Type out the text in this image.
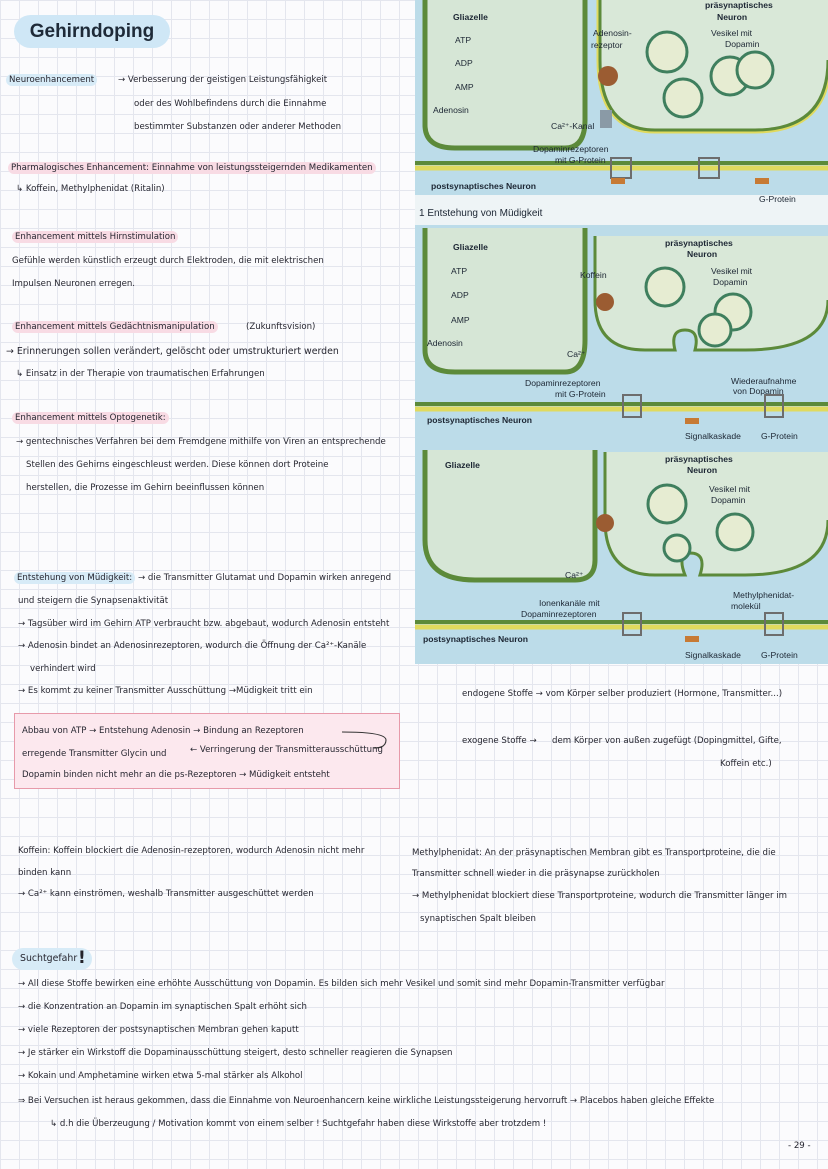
Gehirndoping
Neuroenhancement	→ Verbesserung der geistigen Leistungsfähigkeit
oder des Wohlbefindens durch die Einnahme
bestimmter Substanzen oder anderer Methoden
Pharmalogisches Enhancement: Einnahme von leistungssteigernden Medikamenten
↳ Koffein, Methylphenidat (Ritalin)
Enhancement mittels Hirnstimulation
Gefühle werden künstlich erzeugt durch Elektroden, die mit elektrischen
Impulsen Neuronen erregen.
Enhancement mittels Gedächtnismanipulation	(Zukunftsvision)
→ Erinnerungen sollen verändert, gelöscht oder umstrukturiert werden
↳ Einsatz in der Therapie von traumatischen Erfahrungen
Enhancement mittels Optogenetik:
→ gentechnisches Verfahren bei dem Fremdgene mithilfe von Viren an entsprechende
Stellen des Gehirns eingeschleust werden. Diese können dort Proteine
herstellen, die Prozesse im Gehirn beeinflussen können
Entstehung von Müdigkeit: → die Transmitter Glutamat und Dopamin wirken anregend
und steigern die Synapsenaktivität
→ Tagsüber wird im Gehirn ATP verbraucht bzw. abgebaut, wodurch Adenosin entsteht
→ Adenosin bindet an Adenosinrezeptoren, wodurch die Öffnung der Ca²⁺-Kanäle
verhindert wird
→ Es kommt zu keiner Transmitter Ausschüttung →Müdigkeit tritt ein
Abbau von ATP → Entstehung Adenosin → Bindung an Rezeptoren
erregende Transmitter Glycin und	← Verringerung der Transmitterausschüttung
Dopamin binden nicht mehr an die ps-Rezeptoren → Müdigkeit entsteht
endogene Stoffe → vom Körper selber produziert (Hormone, Transmitter...)
exogene Stoffe → dem Körper von außen zugefügt (Dopingmittel, Gifte,
Koffein etc.)
Koffein: Koffein blockiert die Adenosin-rezeptoren, wodurch Adenosin nicht mehr
binden kann
→ Ca²⁺ kann einströmen, weshalb Transmitter ausgeschüttet werden
Methylphenidat: An der präsynaptischen Membran gibt es Transportproteine, die die
Transmitter schnell wieder in die präsynapse zurückholen
→ Methylphenidat blockiert diese Transportproteine, wodurch die Transmitter länger im
synaptischen Spalt bleiben
Suchtgefahr !
→ All diese Stoffe bewirken eine erhöhte Ausschüttung von Dopamin. Es bilden sich mehr Vesikel und somit sind mehr Dopamin-Transmitter verfügbar
→ die Konzentration an Dopamin im synaptischen Spalt erhöht sich
→ viele Rezeptoren der postsynaptischen Membran gehen kaputt
→ Je stärker ein Wirkstoff die Dopaminausschüttung steigert, desto schneller reagieren die Synapsen
→ Kokain und Amphetamine wirken etwa 5-mal stärker als Alkohol
⇒ Bei Versuchen ist heraus gekommen, dass die Einnahme von Neuroenhancern keine wirkliche Leistungssteigerung hervorruft → Placebos haben gleiche Effekte
↳ d.h die Überzeugung / Motivation kommt von einem selber ! Suchtgefahr haben diese Wirkstoffe aber trotzdem !
- 29 -
Gliazelle
ATP
ADP
AMP
Adenosin
präsynaptisches
Neuron
Adenosin-
rezeptor
Vesikel mit
Dopamin
Ca²⁺-Kanal
Dopaminrezeptoren
mit G-Protein
postsynaptisches Neuron
G-Protein
1 Entstehung von Müdigkeit
Gliazelle
ATP
ADP
AMP
Adenosin
präsynaptisches
Neuron
Koffein	Vesikel mit
Dopamin
Ca²⁺
Dopaminrezeptoren
mit G-Protein
Wiederaufnahme
von Dopamin
postsynaptisches Neuron
Signalkaskade G-Protein
Gliazelle
präsynaptisches
Neuron
Vesikel mit
Dopamin
Ca²⁺
Ionenkanäle mit
Dopaminrezeptoren
Methylphenidat-
molekül
postsynaptisches Neuron
Signalkaskade G-Protein
